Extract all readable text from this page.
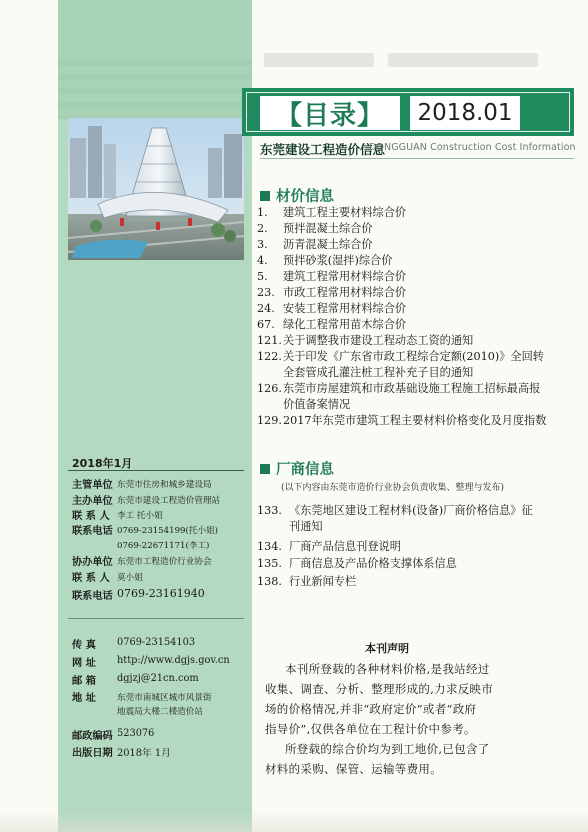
【目录】	2018.01
东莞建设工程造价信息
DONGGUAN Construction Cost Information
材价信息
1.	建筑工程主要材料综合价
2.	预拌混凝土综合价
3.	沥青混凝土综合价
4.	预拌砂浆(湿拌)综合价
5.	建筑工程常用材料综合价
23. 市政工程常用材料综合价
24. 安装工程常用材料综合价
67. 绿化工程常用苗木综合价
121. 关于调整我市建设工程动态工资的通知
122. 关于印发《广东省市政工程综合定额(2010)》全回转
全套管成孔灌注桩工程补充子目的通知
126. 东莞市房屋建筑和市政基础设施工程施工招标最高报
价值备案情况
129. 2017年东莞市建筑工程主要材料价格变化及月度指数
厂商信息
(以下内容由东莞市造价行业协会负责收集、整理与发布)
133. 《东莞地区建设工程材料(设备)厂商价格信息》征
刊通知
134. 厂商产品信息刊登说明
135. 厂商信息及产品价格支撑体系信息
138. 行业新闻专栏
2018年1月
主管单位 东莞市住房和城乡建设局
主办单位 东莞市建设工程造价管理站
联 系 人 李工 托小姐
联系电话 0769-23154199(托小姐)
0769-22671171(李工)
协办单位 东莞市工程造价行业协会
联 系 人 莫小姐
联系电话 0769-23161940
传 真 0769-23154103
网 址 http://www.dgjs.gov.cn
邮 箱 dgjzj@21cn.com
地 址 东莞市南城区城市风景街
地震局大楼二楼造价站
邮政编码 523076
出版日期 2018年 1月
本刊声明
本刊所登载的各种材料价格,是我站经过
收集、调查、分析、整理形成的,力求反映市
场的价格情况,并非“政府定价”或者“政府
指导价”,仅供各单位在工程计价中参考。
所登载的综合价均为到工地价,已包含了
材料的采购、保管、运输等费用。
